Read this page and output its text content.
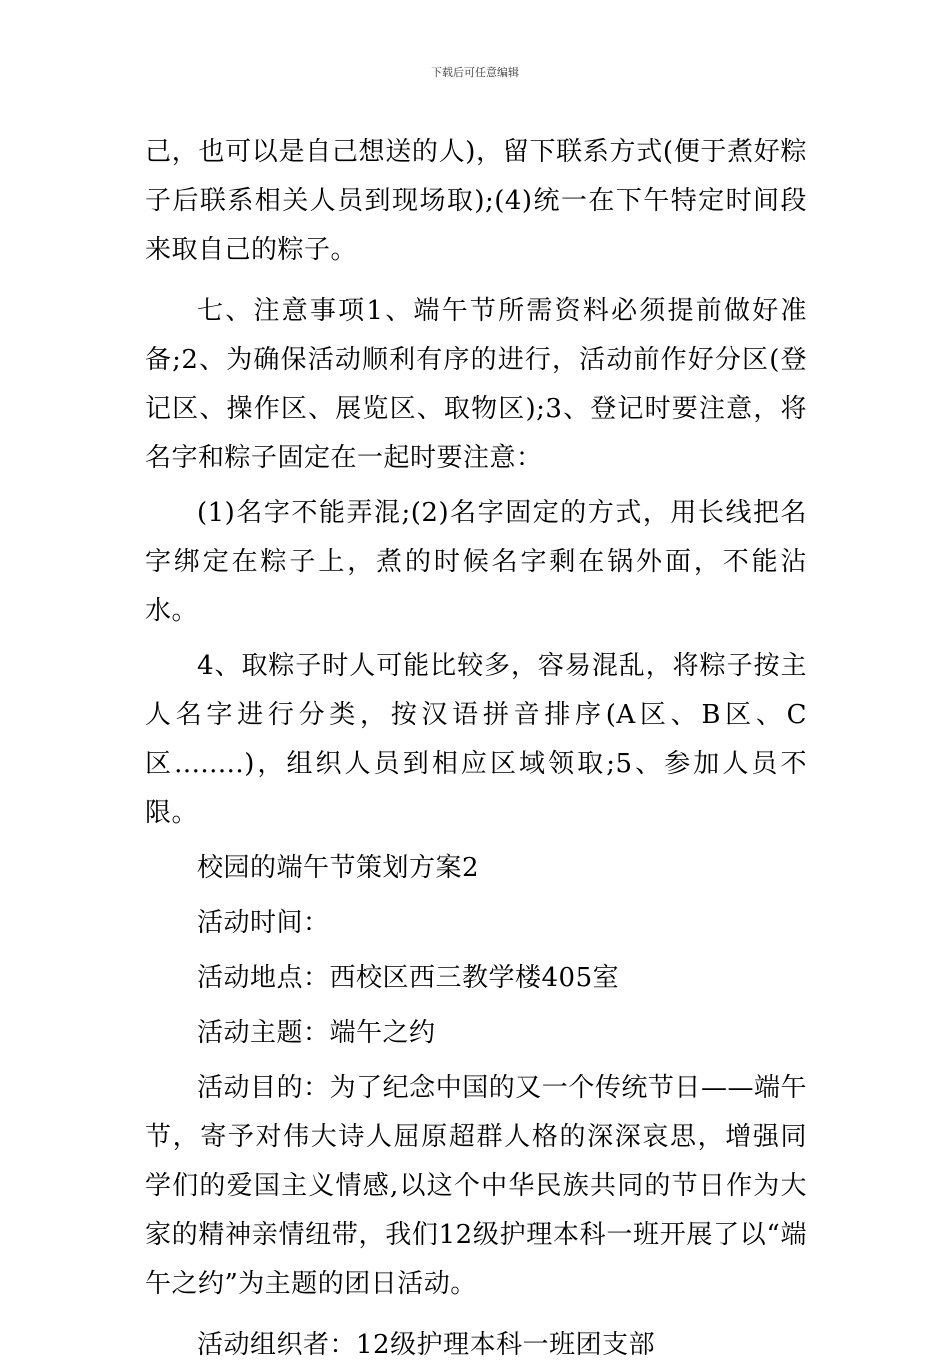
下载后可任意编辑

己，也可以是自己想送的人)，留下联系方式(便于煮好粽子后联系相关人员到现场取);(4)统一在下午特定时间段来取自己的粽子。

七、注意事项1、端午节所需资料必须提前做好准备;2、为确保活动顺利有序的进行，活动前作好分区(登记区、操作区、展览区、取物区);3、登记时要注意，将名字和粽子固定在一起时要注意：

(1)名字不能弄混;(2)名字固定的方式，用长线把名字绑定在粽子上，煮的时候名字剩在锅外面，不能沾水。

4、取粽子时人可能比较多，容易混乱，将粽子按主人名字进行分类，按汉语拼音排序(A区、B区、C区........)，组织人员到相应区域领取;5、参加人员不限。

校园的端午节策划方案2

活动时间：

活动地点：西校区西三教学楼405室

活动主题：端午之约

活动目的：为了纪念中国的又一个传统节日——端午节，寄予对伟大诗人屈原超群人格的深深哀思，增强同学们的爱国主义情感,以这个中华民族共同的节日作为大家的精神亲情纽带，我们12级护理本科一班开展了以“端午之约”为主题的团日活动。

活动组织者：12级护理本科一班团支部
